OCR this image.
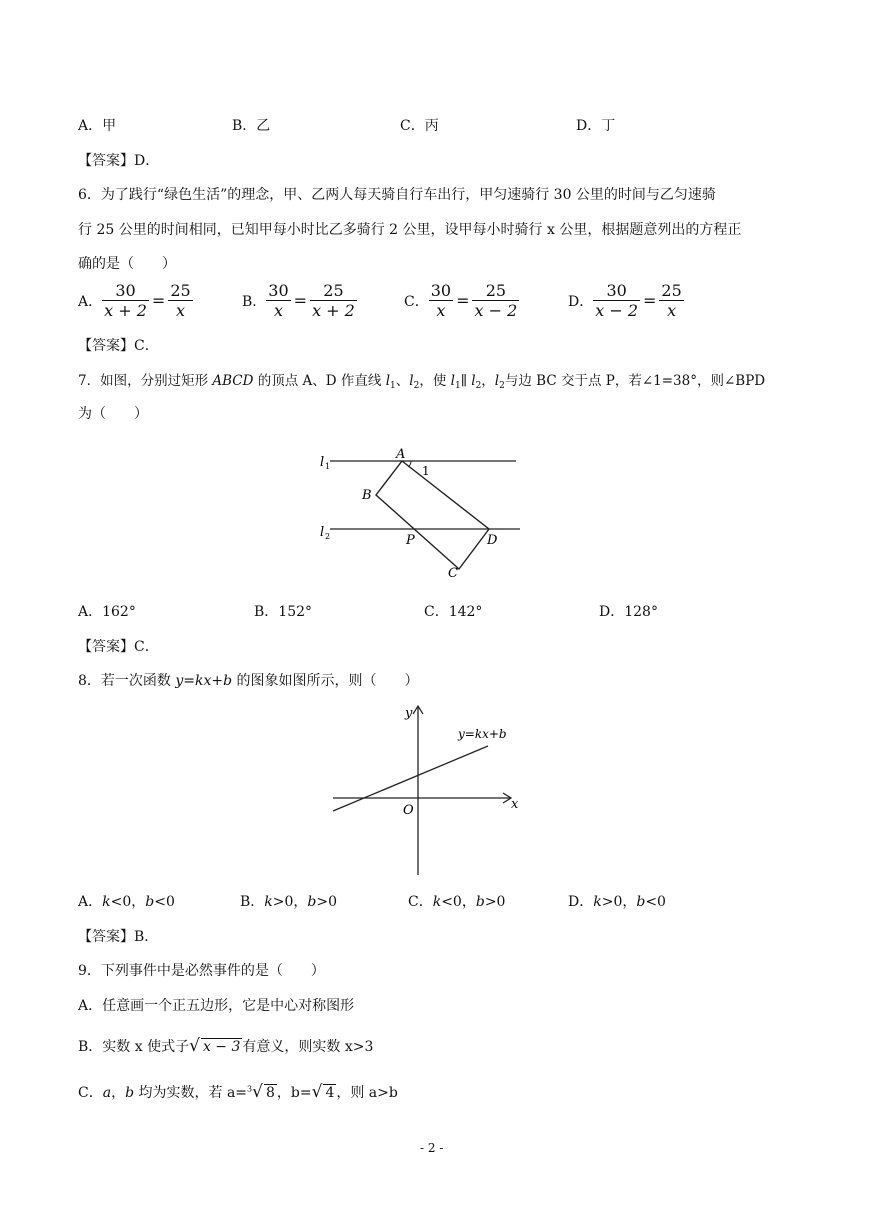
A．甲	B．乙	C．丙	D．丁
【答案】D．
6．为了践行“绿色生活”的理念，甲、乙两人每天骑自行车出行，甲匀速骑行 30 公里的时间与乙匀速骑
行 25 公里的时间相同，已知甲每小时比乙多骑行 2 公里，设甲每小时骑行 x 公里，根据题意列出的方程正
确的是（　　）
A． $\frac{30}{x + 2} = \frac{25}{x}$	B． $\frac{30}{x} = \frac{25}{x + 2}$	C． $\frac{30}{x} = \frac{25}{x - 2}$	D． $\frac{30}{x - 2} = \frac{25}{x}$
【答案】C．
7．如图，分别过矩形 ABCD 的顶点 A、D 作直线 $l_1$、$l_2$，使 $l_1\parallel$ $l_2$，$l_2$与边 BC 交于点 P，若∠1=38°，则∠BPD
为（　　）
A
1
B
P	D
C
l 1
l 2
A．162°	B．152°	C．142°	D．128°
【答案】C．
8．若一次函数 y=kx+b 的图象如图所示，则（　　）
x
y
O
y=kx+b
A．k<0，b<0	B．k>0，b>0	C．k<0，b>0	D．k>0，b<0
【答案】B．
9．下列事件中是必然事件的是（　　）
A．任意画一个正五边形，它是中心对称图形
B．实数 x 使式子√ x − 3 有意义，则实数 x>3
C．a，b 均为实数，若 a=$^3$√ 8 ，b=√ 4 ，则 a>b
- 2 -
